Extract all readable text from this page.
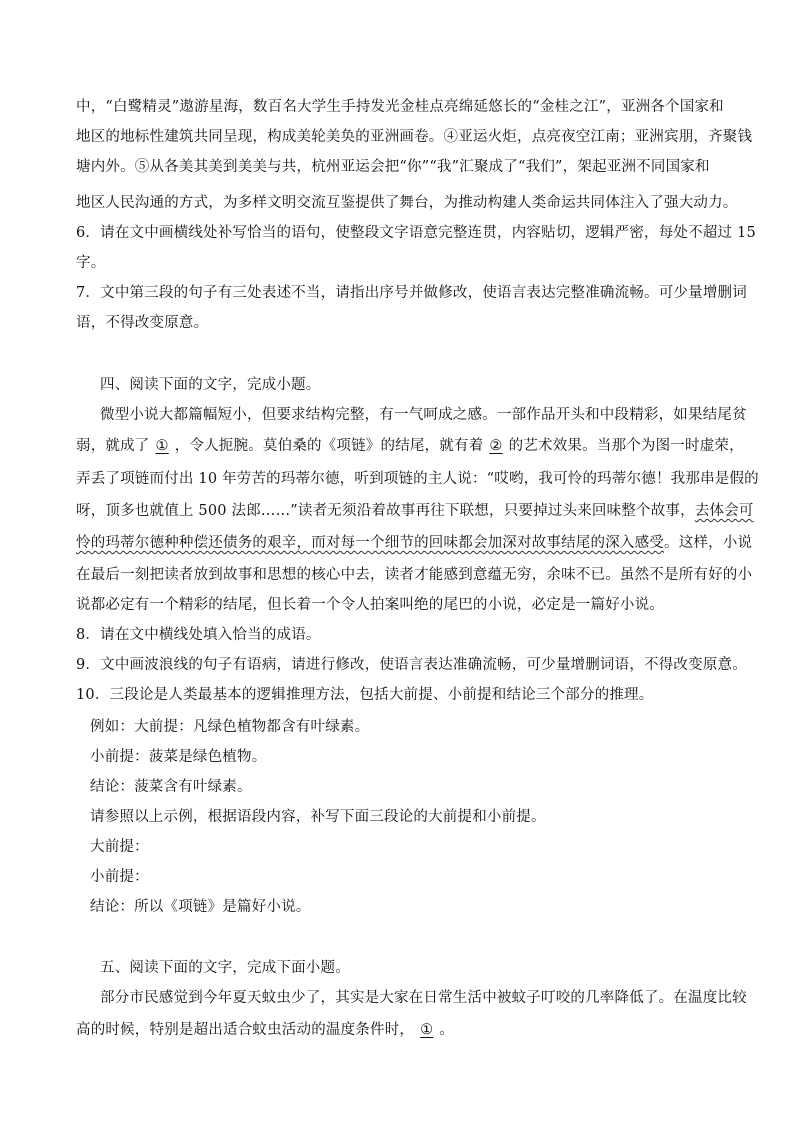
中，“白鹭精灵”遨游星海，数百名大学生手持发光金桂点亮绵延悠长的“金桂之江”，亚洲各个国家和
地区的地标性建筑共同呈现，构成美轮美奂的亚洲画卷。④亚运火炬，点亮夜空江南；亚洲宾朋，齐聚钱
塘内外。⑤从各美其美到美美与共，杭州亚运会把“你”“我”汇聚成了“我们”，架起亚洲不同国家和
地区人民沟通的方式，为多样文明交流互鉴提供了舞台，为推动构建人类命运共同体注入了强大动力。
6．请在文中画横线处补写恰当的语句，使整段文字语意完整连贯，内容贴切，逻辑严密，每处不超过 15
字。
7．文中第三段的句子有三处表述不当，请指出序号并做修改，使语言表达完整准确流畅。可少量增删词
语，不得改变原意。
四、阅读下面的文字，完成小题。
微型小说大都篇幅短小，但要求结构完整，有一气呵成之感。一部作品开头和中段精彩，如果结尾贫
弱，就成了 ① ，令人扼腕。莫伯桑的《项链》的结尾，就有着 ② 的艺术效果。当那个为图一时虚荣，
弄丢了项链而付出 10 年劳苦的玛蒂尔德，听到项链的主人说：“哎哟，我可怜的玛蒂尔德！我那串是假的
呀，顶多也就值上 500 法郎……”读者无须沿着故事再往下联想，只要掉过头来回味整个故事，去体会可
怜的玛蒂尔德种种偿还债务的艰辛，而对每一个细节的回味都会加深对故事结尾的深入感受。这样，小说
在最后一刻把读者放到故事和思想的核心中去，读者才能感到意蕴无穷，余味不已。虽然不是所有好的小
说都必定有一个精彩的结尾，但长着一个令人拍案叫绝的尾巴的小说，必定是一篇好小说。
8．请在文中横线处填入恰当的成语。
9．文中画波浪线的句子有语病，请进行修改，使语言表达准确流畅，可少量增删词语，不得改变原意。
10．三段论是人类最基本的逻辑推理方法，包括大前提、小前提和结论三个部分的推理。
例如：大前提：凡绿色植物都含有叶绿素。
小前提：菠菜是绿色植物。
结论：菠菜含有叶绿素。
请参照以上示例，根据语段内容，补写下面三段论的大前提和小前提。
大前提：
小前提：
结论：所以《项链》是篇好小说。
五、阅读下面的文字，完成下面小题。
部分市民感觉到今年夏天蚊虫少了，其实是大家在日常生活中被蚊子叮咬的几率降低了。在温度比较
高的时候，特别是超出适合蚊虫活动的温度条件时， ① 。
